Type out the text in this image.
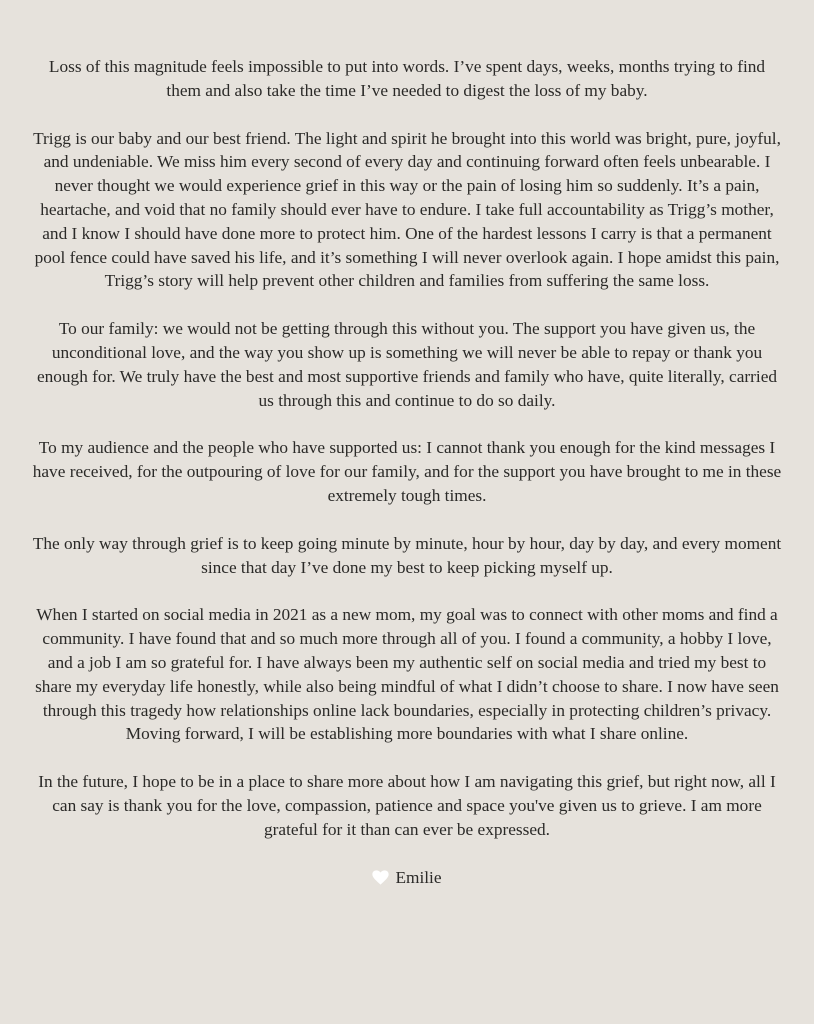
Loss of this magnitude feels impossible to put into words. I’ve spent days, weeks, months trying to find them and also take the time I’ve needed to digest the loss of my baby.

Trigg is our baby and our best friend. The light and spirit he brought into this world was bright, pure, joyful, and undeniable. We miss him every second of every day and continuing forward often feels unbearable. I never thought we would experience grief in this way or the pain of losing him so suddenly. It’s a pain, heartache, and void that no family should ever have to endure. I take full accountability as Trigg’s mother, and I know I should have done more to protect him. One of the hardest lessons I carry is that a permanent pool fence could have saved his life, and it’s something I will never overlook again. I hope amidst this pain, Trigg’s story will help prevent other children and families from suffering the same loss.

To our family: we would not be getting through this without you. The support you have given us, the unconditional love, and the way you show up is something we will never be able to repay or thank you enough for. We truly have the best and most supportive friends and family who have, quite literally, carried us through this and continue to do so daily.

To my audience and the people who have supported us: I cannot thank you enough for the kind messages I have received, for the outpouring of love for our family, and for the support you have brought to me in these extremely tough times.

The only way through grief is to keep going minute by minute, hour by hour, day by day, and every moment since that day I’ve done my best to keep picking myself up.

When I started on social media in 2021 as a new mom, my goal was to connect with other moms and find a community. I have found that and so much more through all of you. I found a community, a hobby I love, and a job I am so grateful for. I have always been my authentic self on social media and tried my best to share my everyday life honestly, while also being mindful of what I didn’t choose to share. I now have seen through this tragedy how relationships online lack boundaries, especially in protecting children’s privacy. Moving forward, I will be establishing more boundaries with what I share online.

In the future, I hope to be in a place to share more about how I am navigating this grief, but right now, all I can say is thank you for the love, compassion, patience and space you've given us to grieve. I am more grateful for it than can ever be expressed.

Emilie
